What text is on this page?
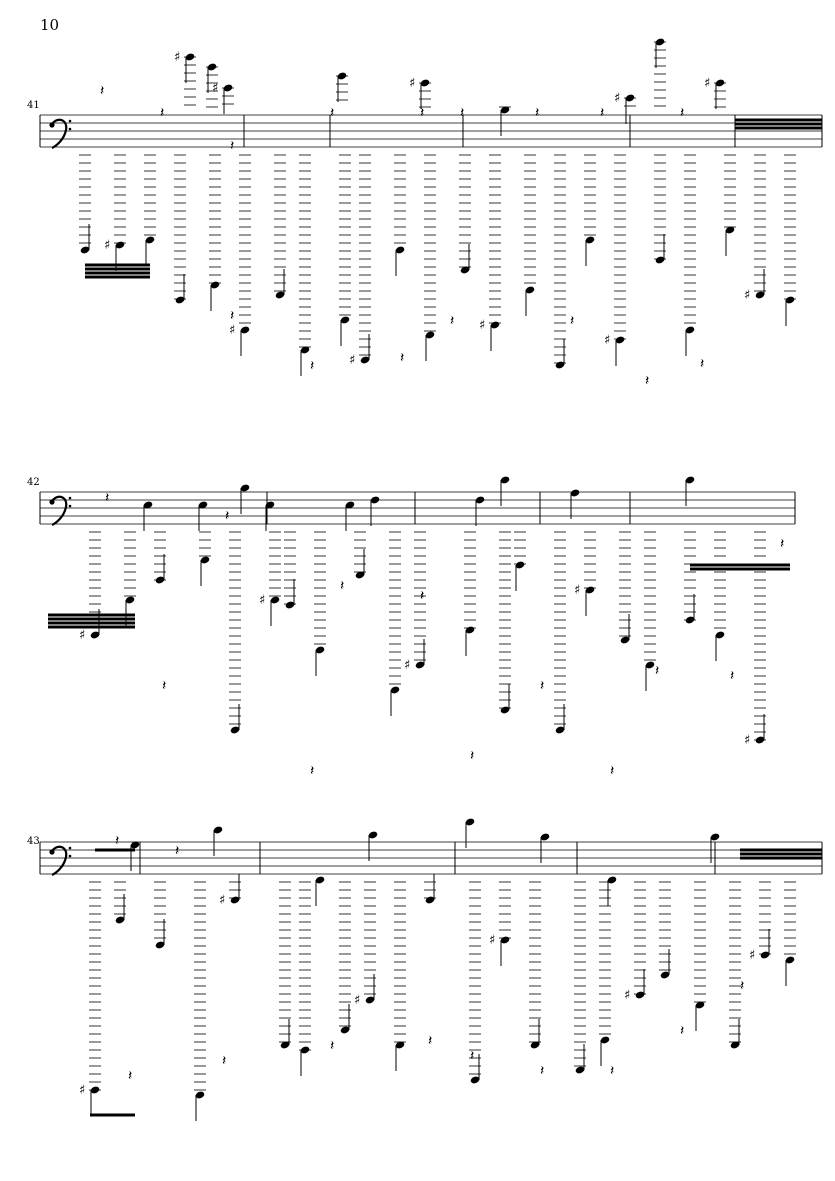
10
41
♯
♯
♯
♯
♯
♯
♯
♯	♯
♯
♯
𝄽
𝄽
𝄽
𝄽	𝄽	𝄽	𝄽	𝄽	𝄽
𝄽
𝄽	𝄽
𝄽	𝄽
𝄽
𝄽
42
♯
♯
♯
♯
♯
𝄽
𝄽
𝄽
𝄽
𝄽
𝄽
𝄽
𝄽
𝄽
𝄽	𝄽
𝄽
43
♯
♯
♯
♯
♯
♯
𝄽
𝄽
𝄽
𝄽	𝄽
𝄽
𝄽	𝄽
𝄽
𝄽
𝄽
